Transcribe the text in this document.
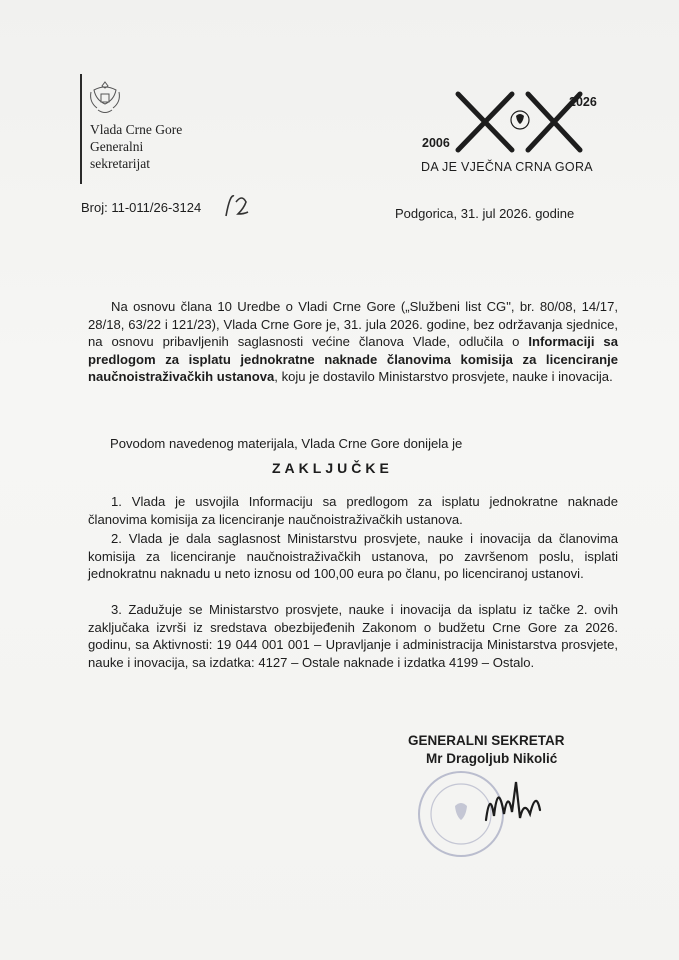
Vlada Crne Gore
Generalni
sekretarijat
2006
2026
DA JE VJEČNA CRNA GORA
Broj: 11-011/26-3124	Podgorica, 31. jul 2026. godine
Na osnovu člana 10 Uredbe o Vladi Crne Gore („Službeni list CG", br. 80/08, 14/17, 28/18, 63/22 i 121/23), Vlada Crne Gore je, 31. jula 2026. godine, bez održavanja sjednice, na osnovu pribavljenih saglasnosti većine članova Vlade, odlučila o Informaciji sa predlogom za isplatu jednokratne naknade članovima komisija za licenciranje naučnoistraživačkih ustanova, koju je dostavilo Ministarstvo prosvjete, nauke i inovacija.
Povodom navedenog materijala, Vlada Crne Gore donijela je
ZAKLJUČKE
1. Vlada je usvojila Informaciju sa predlogom za isplatu jednokratne naknade članovima komisija za licenciranje naučnoistraživačkih ustanova.
2. Vlada je dala saglasnost Ministarstvu prosvjete, nauke i inovacija da članovima komisija za licenciranje naučnoistraživačkih ustanova, po završenom poslu, isplati jednokratnu naknadu u neto iznosu od 100,00 eura po članu, po licenciranoj ustanovi.
3. Zadužuje se Ministarstvo prosvjete, nauke i inovacija da isplatu iz tačke 2. ovih zaključaka izvrši iz sredstava obezbijeđenih Zakonom o budžetu Crne Gore za 2026. godinu, sa Aktivnosti: 19 044 001 001 – Upravljanje i administracija Ministarstva prosvjete, nauke i inovacija, sa izdatka: 4127 – Ostale naknade i izdatka 4199 – Ostalo.
GENERALNI SEKRETAR
Mr Dragoljub Nikolić
